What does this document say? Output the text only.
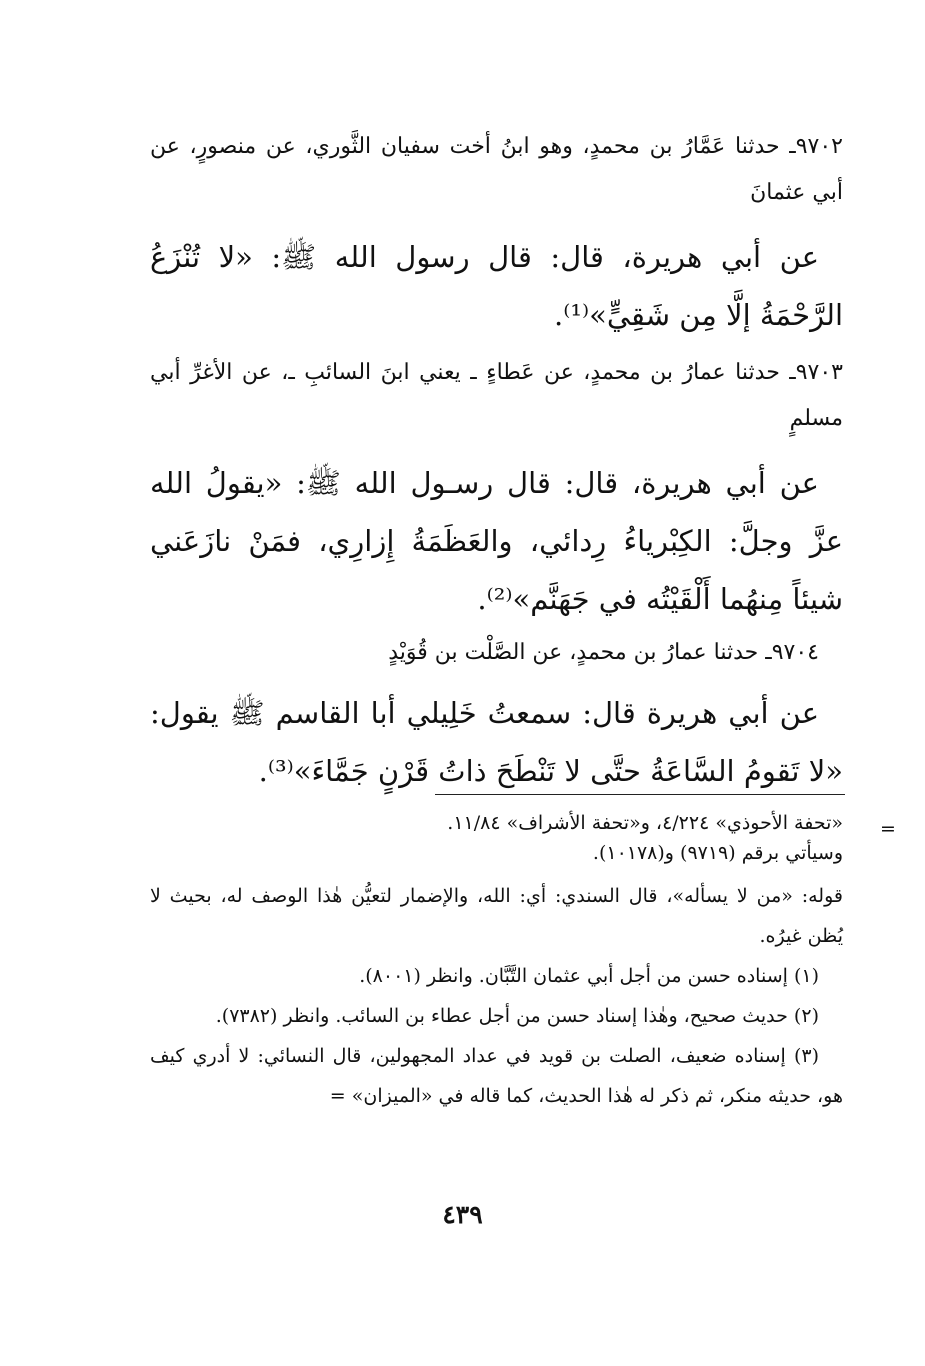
٩٧٠٢ـ حدثنا عَمَّارُ بن محمدٍ، وهو ابنُ أخت سفيان الثَّوري، عن منصورٍ، عن أبي عثمانَ

عن أبي هريرة، قال: قال رسول الله ﷺ: «لا تُنْزَعُ الرَّحْمَةُ إلَّا مِن شَقِيٍّ»⁽¹⁾.

٩٧٠٣ـ حدثنا عمارُ بن محمدٍ، عن عَطاءٍ ـ يعني ابنَ السائبِ ـ، عن الأغرِّ أبي مسلمٍ

عن أبي هريرة، قال: قال رسـول الله ﷺ: «يقولُ الله عزَّ وجلَّ: الكِبْرياءُ رِدائي، والعَظَمَةُ إِزارِي، فمَنْ نازَعَني شيئاً مِنهُما أَلْقَيْتُه في جَهَنَّم»⁽²⁾.

٩٧٠٤ـ حدثنا عمارُ بن محمدٍ، عن الصَّلْت بن قُوَيْدٍ

عن أبي هريرة قال: سمعتُ خَلِيلي أبا القاسم ﷺ يقول: «لا تَقومُ السَّاعَةُ حتَّى لا تَنْطَحَ ذاتُ قَرْنٍ جَمَّاءَ»⁽³⁾.

=

«تحفة الأحوذي» ٤/٢٢٤، و«تحفة الأشراف» ١١/٨٤.

وسيأتي برقم (٩٧١٩) و(١٠١٧٨).

قوله: «من لا يسأله»، قال السندي: أي: الله، والإضمار لتعيُّن هٰذا الوصف له، بحيث لا يُظن غيرُه.

(١) إسناده حسن من أجل أبي عثمان التَّبَّان. وانظر (٨٠٠١).

(٢) حديث صحيح، وهٰذا إسناد حسن من أجل عطاء بن السائب. وانظر (٧٣٨٢).

(٣) إسناده ضعيف، الصلت بن قويد في عداد المجهولين، قال النسائي: لا أدري كيف هو، حديثه منكر، ثم ذكر له هٰذا الحديث، كما قاله في «الميزان» =

٤٣٩
